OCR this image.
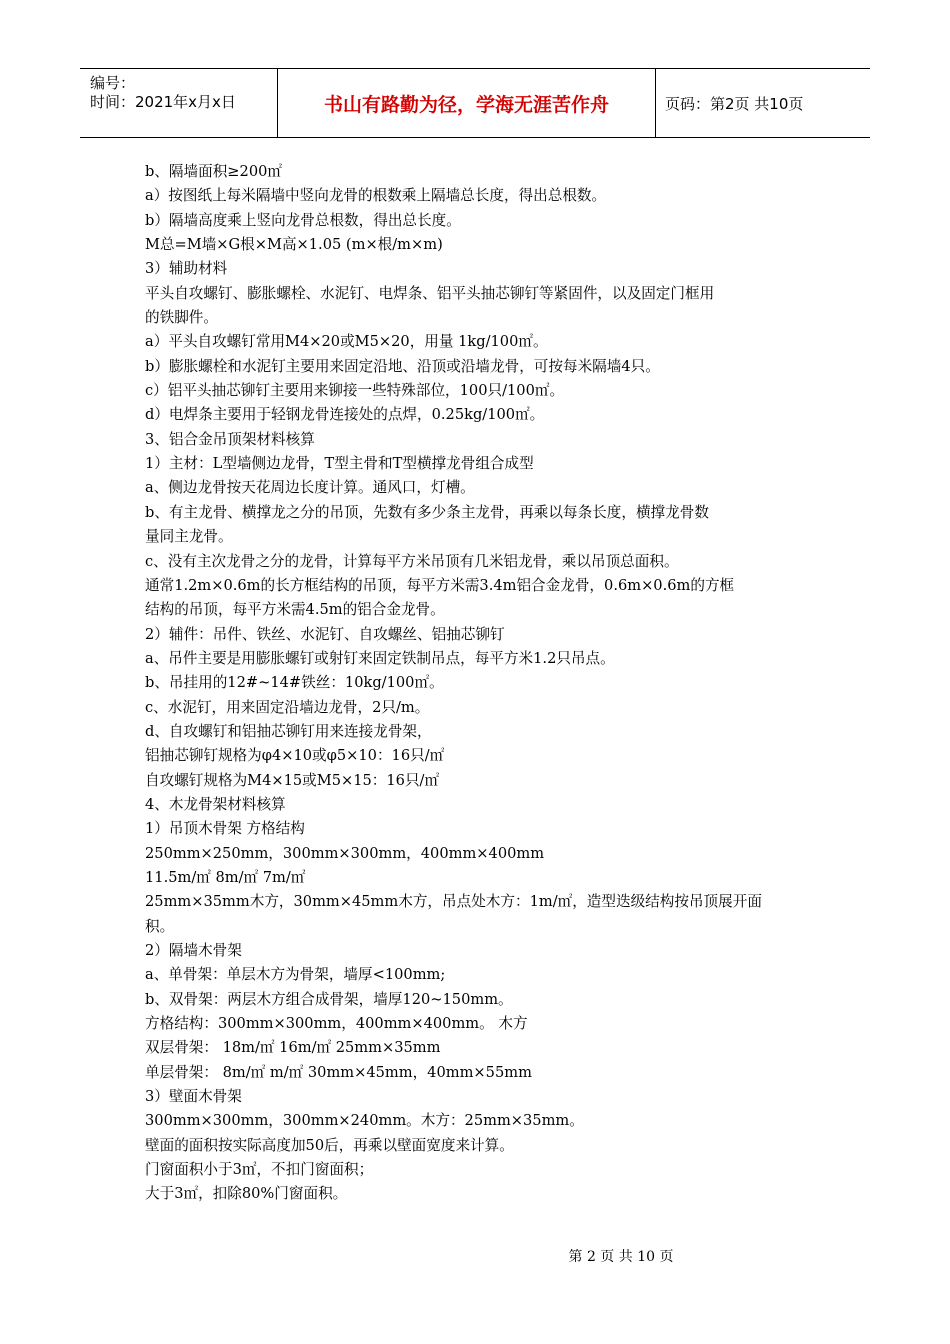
编号：
时间：2021年x月x日	书山有路勤为径，学海无涯苦作舟	页码：第2页 共10页
b、隔墙面积≥200㎡
a）按图纸上每米隔墙中竖向龙骨的根数乘上隔墙总长度，得出总根数。
b）隔墙高度乘上竖向龙骨总根数，得出总长度。
M总=M墙×G根×M高×1.05 (m×根/m×m)
3）辅助材料
平头自攻螺钉、膨胀螺栓、水泥钉、电焊条、铝平头抽芯铆钉等紧固件，以及固定门框用
的铁脚件。
a）平头自攻螺钉常用M4×20或M5×20，用量 1kg/100㎡。
b）膨胀螺栓和水泥钉主要用来固定沿地、沿顶或沿墙龙骨，可按每米隔墙4只。
c）铝平头抽芯铆钉主要用来铆接一些特殊部位，100只/100㎡。
d）电焊条主要用于轻钢龙骨连接处的点焊，0.25kg/100㎡。
3、铝合金吊顶架材料核算
1）主材：L型墙侧边龙骨，T型主骨和T型横撑龙骨组合成型
a、侧边龙骨按天花周边长度计算。通风口，灯槽。
b、有主龙骨、横撑龙之分的吊顶，先数有多少条主龙骨，再乘以每条长度，横撑龙骨数
量同主龙骨。
c、没有主次龙骨之分的龙骨，计算每平方米吊顶有几米铝龙骨，乘以吊顶总面积。
通常1.2m×0.6m的长方框结构的吊顶，每平方米需3.4m铝合金龙骨，0.6m×0.6m的方框
结构的吊顶，每平方米需4.5m的铝合金龙骨。
2）辅件：吊件、铁丝、水泥钉、自攻螺丝、铝抽芯铆钉
a、吊件主要是用膨胀螺钉或射钉来固定铁制吊点，每平方米1.2只吊点。
b、吊挂用的12#~14#铁丝：10kg/100㎡。
c、水泥钉，用来固定沿墙边龙骨，2只/m。
d、自攻螺钉和铝抽芯铆钉用来连接龙骨架，
铝抽芯铆钉规格为φ4×10或φ5×10：16只/㎡
自攻螺钉规格为M4×15或M5×15：16只/㎡
4、木龙骨架材料核算
1）吊顶木骨架 方格结构
250mm×250mm，300mm×300mm，400mm×400mm
11.5m/㎡ 8m/㎡ 7m/㎡
25mm×35mm木方，30mm×45mm木方，吊点处木方：1m/㎡，造型迭级结构按吊顶展开面
积。
2）隔墙木骨架
a、单骨架：单层木方为骨架，墙厚<100mm;
b、双骨架：两层木方组合成骨架，墙厚120~150mm。
方格结构：300mm×300mm，400mm×400mm。 木方
双层骨架： 18m/㎡ 16m/㎡ 25mm×35mm
单层骨架： 8m/㎡ m/㎡ 30mm×45mm，40mm×55mm
3）壁面木骨架
300mm×300mm，300mm×240mm。木方：25mm×35mm。
壁面的面积按实际高度加50后，再乘以壁面宽度来计算。
门窗面积小于3㎡，不扣门窗面积；
大于3㎡，扣除80%门窗面积。
第 2 页 共 10 页
